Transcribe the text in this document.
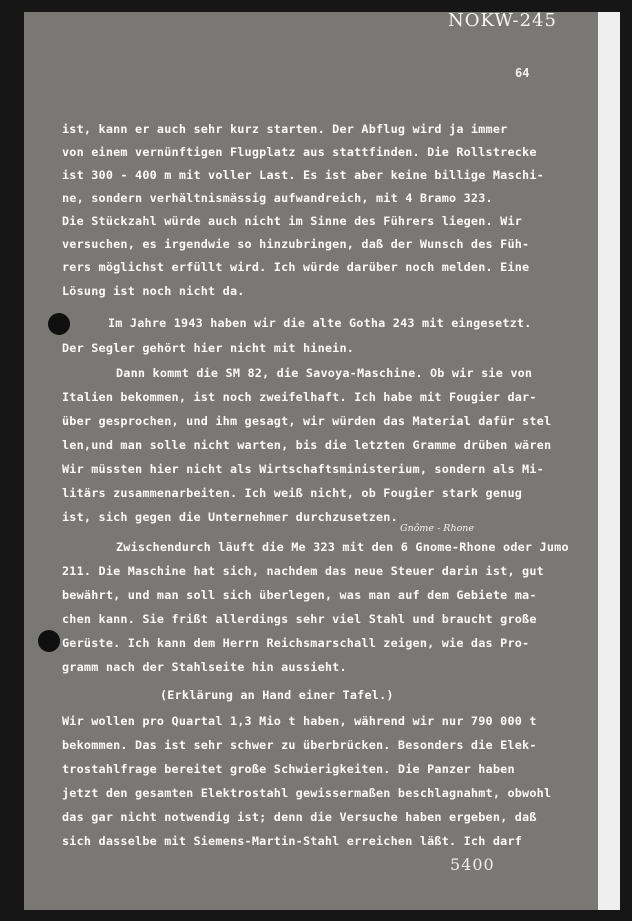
NOKW-245
64
ist, kann er auch sehr kurz starten. Der Abflug wird ja immer
von einem vernünftigen Flugplatz aus stattfinden. Die Rollstrecke
ist 300 - 400 m mit voller Last. Es ist aber keine billige Maschi-
ne, sondern verhältnismässig aufwandreich, mit 4 Bramo 323.
Die Stückzahl würde auch nicht im Sinne des Führers liegen. Wir
versuchen, es irgendwie so hinzubringen, daß der Wunsch des Füh-
rers möglichst erfüllt wird. Ich würde darüber noch melden. Eine
Lösung ist noch nicht da.
Im Jahre 1943 haben wir die alte Gotha 243 mit eingesetzt.
Der Segler gehört hier nicht mit hinein.
Dann kommt die SM 82, die Savoya-Maschine. Ob wir sie von
Italien bekommen, ist noch zweifelhaft. Ich habe mit Fougier dar-
über gesprochen, und ihm gesagt, wir würden das Material dafür stel
len,und man solle nicht warten, bis die letzten Gramme drüben wären
Wir müssten hier nicht als Wirtschaftsministerium, sondern als Mi-
litärs zusammenarbeiten. Ich weiß nicht, ob Fougier stark genug
ist, sich gegen die Unternehmer durchzusetzen.
Gnôme - Rhone
Zwischendurch läuft die Me 323 mit den 6 Gnome-Rhone oder Jumo
211. Die Maschine hat sich, nachdem das neue Steuer darin ist, gut
bewährt, und man soll sich überlegen, was man auf dem Gebiete ma-
chen kann. Sie frißt allerdings sehr viel Stahl und braucht große
Gerüste. Ich kann dem Herrn Reichsmarschall zeigen, wie das Pro-
gramm nach der Stahlseite hin aussieht.
(Erklärung an Hand einer Tafel.)
Wir wollen pro Quartal 1,3 Mio t haben, während wir nur 790 000 t
bekommen. Das ist sehr schwer zu überbrücken. Besonders die Elek-
trostahlfrage bereitet große Schwierigkeiten. Die Panzer haben
jetzt den gesamten Elektrostahl gewissermaßen beschlagnahmt, obwohl
das gar nicht notwendig ist; denn die Versuche haben ergeben, daß
sich dasselbe mit Siemens-Martin-Stahl erreichen läßt. Ich darf
5400
